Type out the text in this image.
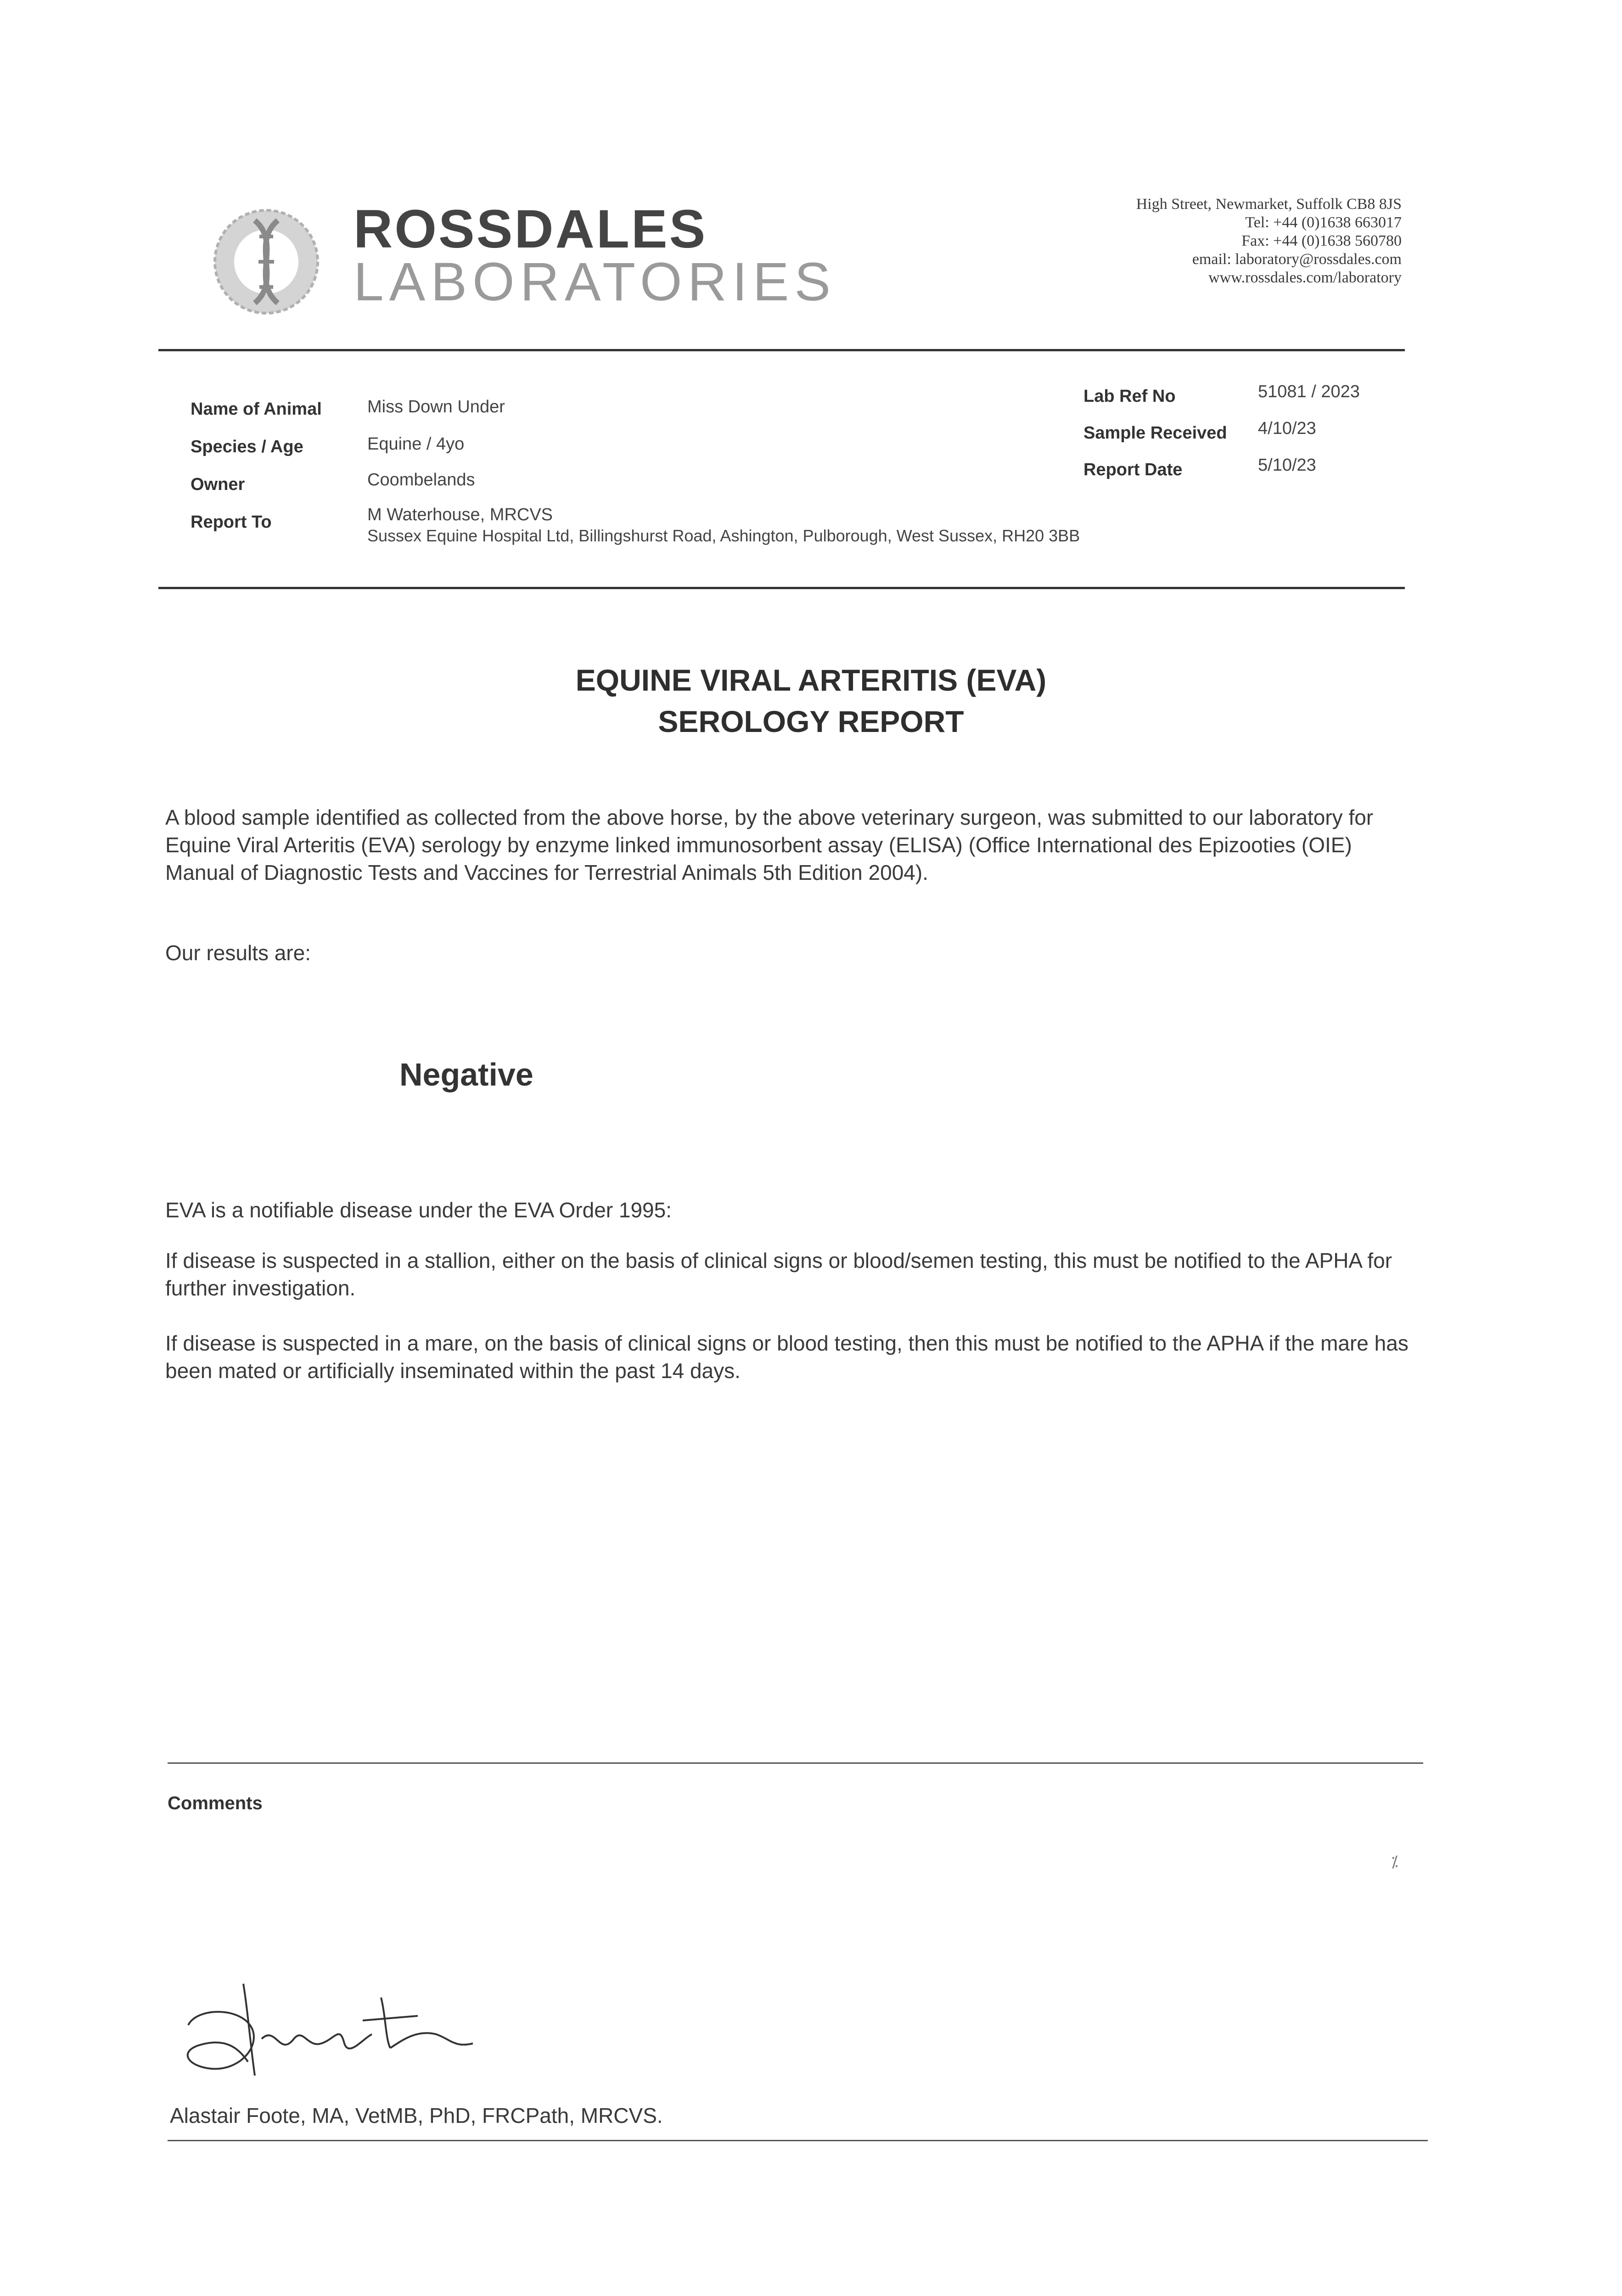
ROSSDALES
LABORATORIES
High Street, Newmarket, Suffolk CB8 8JS
Tel: +44 (0)1638 663017
Fax: +44 (0)1638 560780
email: laboratory@rossdales.com
www.rossdales.com/laboratory
Name of Animal	Miss Down Under
Species / Age	Equine / 4yo
Owner	Coombelands
Report To	M Waterhouse, MRCVS
Sussex Equine Hospital Ltd, Billingshurst Road, Ashington, Pulborough, West Sussex, RH20 3BB
Lab Ref No	51081 / 2023
Sample Received 4/10/23
Report Date	5/10/23
EQUINE VIRAL ARTERITIS (EVA)
SEROLOGY REPORT
A blood sample identified as collected from the above horse, by the above veterinary surgeon, was submitted to our laboratory for Equine Viral Arteritis (EVA) serology by enzyme linked immunosorbent assay (ELISA) (Office International des Epizooties (OIE) Manual of Diagnostic Tests and Vaccines for Terrestrial Animals 5th Edition 2004).
Our results are:
Negative
EVA is a notifiable disease under the EVA Order 1995:
If disease is suspected in a stallion, either on the basis of clinical signs or blood/semen testing, this must be notified to the APHA for further investigation.
If disease is suspected in a mare, on the basis of clinical signs or blood testing, then this must be notified to the APHA if the mare has been mated or artificially inseminated within the past 14 days.
Comments
⁒
Alastair Foote, MA, VetMB, PhD, FRCPath, MRCVS.
